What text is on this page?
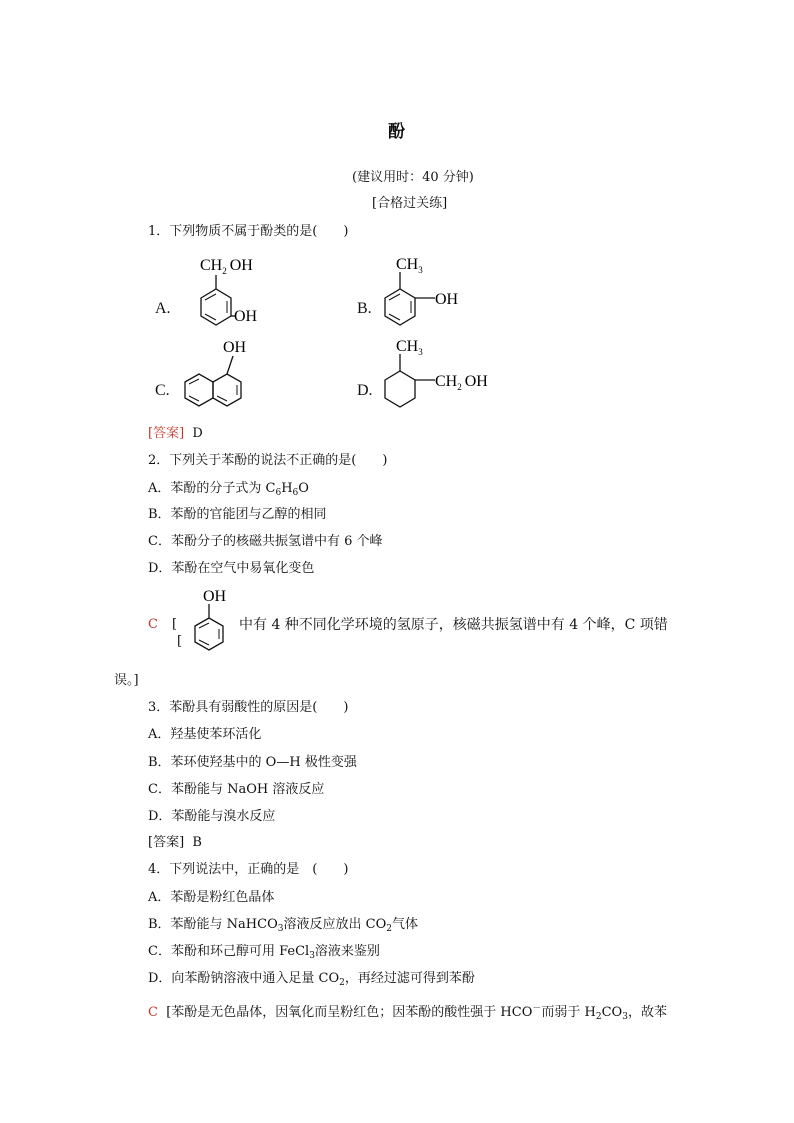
酚
(建议用时：40 分钟)
[合格过关练]
1．下列物质不属于酚类的是(　　)
A.
$CH_2$ OH
OH	B.
$CH_3$
OH
C.
OH
D.
$CH_3$
$CH_2$ OH
[答案] D
2．下列关于苯酚的说法不正确的是(　　)
A．苯酚的分子式为 $C_6H_6O$
B．苯酚的官能团与乙醇的相同
C．苯酚分子的核磁共振氢谱中有 6 个峰
D．苯酚在空气中易氧化变色
C [
[
OH
中有 4 种不同化学环境的氢原子，核磁共振氢谱中有 4 个峰，C 项错
误。]
3．苯酚具有弱酸性的原因是(　　)
A．羟基使苯环活化
B．苯环使羟基中的 O—H 极性变强
C．苯酚能与 NaOH 溶液反应
D．苯酚能与溴水反应
[答案] B
4．下列说法中，正确的是　(　　)
A．苯酚是粉红色晶体
B．苯酚能与 NaHCO$_3$溶液反应放出 $CO_2$气体
C．苯酚和环己醇可用 FeCl$_3$溶液来鉴别
D．向苯酚钠溶液中通入足量 $CO_2$，再经过滤可得到苯酚
C [苯酚是无色晶体，因氧化而呈粉红色；因苯酚的酸性强于 HCO－而弱于 $H_2CO_3$，故苯
